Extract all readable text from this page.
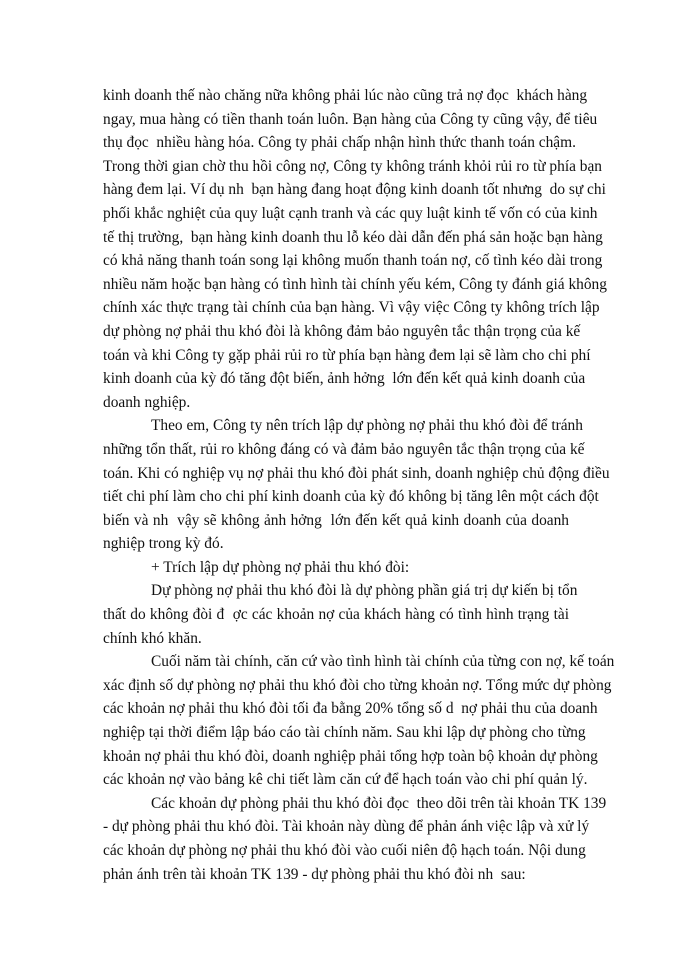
kinh doanh thế nào chăng nữa không phải lúc nào cũng trả nợ đọc  khách hàng
ngay, mua hàng có tiền thanh toán luôn. Bạn hàng của Công ty cũng vậy, để tiêu
thụ đọc  nhiều hàng hóa. Công ty phải chấp nhận hình thức thanh toán chậm.
Trong thời gian chờ thu hồi công nợ, Công ty không tránh khỏi rủi ro từ phía bạn
hàng đem lại. Ví dụ nh  bạn hàng đang hoạt động kinh doanh tốt nhưng  do sự chi
phối khắc nghiệt của quy luật cạnh tranh và các quy luật kinh tế vốn có của kinh
tế thị trường,  bạn hàng kinh doanh thu lỗ kéo dài dẫn đến phá sản hoặc bạn hàng
có khả năng thanh toán song lại không muốn thanh toán nợ, cố tình kéo dài trong
nhiều năm hoặc bạn hàng có tình hình tài chính yếu kém, Công ty đánh giá không
chính xác thực trạng tài chính của bạn hàng. Vì vậy việc Công ty không trích lập
dự phòng nợ phải thu khó đòi là không đảm bảo nguyên tắc thận trọng của kế
toán và khi Công ty gặp phải rủi ro từ phía bạn hàng đem lại sẽ làm cho chi phí
kinh doanh của kỳ đó tăng đột biến, ảnh hởng  lớn đến kết quả kinh doanh của
doanh nghiệp.
Theo em, Công ty nên trích lập dự phòng nợ phải thu khó đòi để tránh
những tổn thất, rủi ro không đáng có và đảm bảo nguyên tắc thận trọng của kế
toán. Khi có nghiệp vụ nợ phải thu khó đòi phát sinh, doanh nghiệp chủ động điều
tiết chi phí làm cho chi phí kinh doanh của kỳ đó không bị tăng lên một cách đột
biến và nh  vậy sẽ không ảnh hởng  lớn đến kết quả kinh doanh của doanh
nghiệp trong kỳ đó.
+ Trích lập dự phòng nợ phải thu khó đòi:
Dự phòng nợ phải thu khó đòi là dự phòng phần giá trị dự kiến bị tổn
thất do không đòi đ  ợc các khoản nợ của khách hàng có tình hình trạng tài
chính khó khăn.
Cuối năm tài chính, căn cứ vào tình hình tài chính của từng con nợ, kế toán
xác định số dự phòng nợ phải thu khó đòi cho từng khoản nợ. Tổng mức dự phòng
các khoản nợ phải thu khó đòi tối đa bằng 20% tổng số d  nợ phải thu của doanh
nghiệp tại thời điểm lập báo cáo tài chính năm. Sau khi lập dự phòng cho từng
khoản nợ phải thu khó đòi, doanh nghiệp phải tổng hợp toàn bộ khoản dự phòng
các khoản nợ vào bảng kê chi tiết làm căn cứ để hạch toán vào chi phí quản lý.
Các khoản dự phòng phải thu khó đòi đọc  theo dõi trên tài khoản TK 139
- dự phòng phải thu khó đòi. Tài khoản này dùng để phản ánh việc lập và xử lý
các khoản dự phòng nợ phải thu khó đòi vào cuối niên độ hạch toán. Nội dung
phản ánh trên tài khoản TK 139 - dự phòng phải thu khó đòi nh  sau:
